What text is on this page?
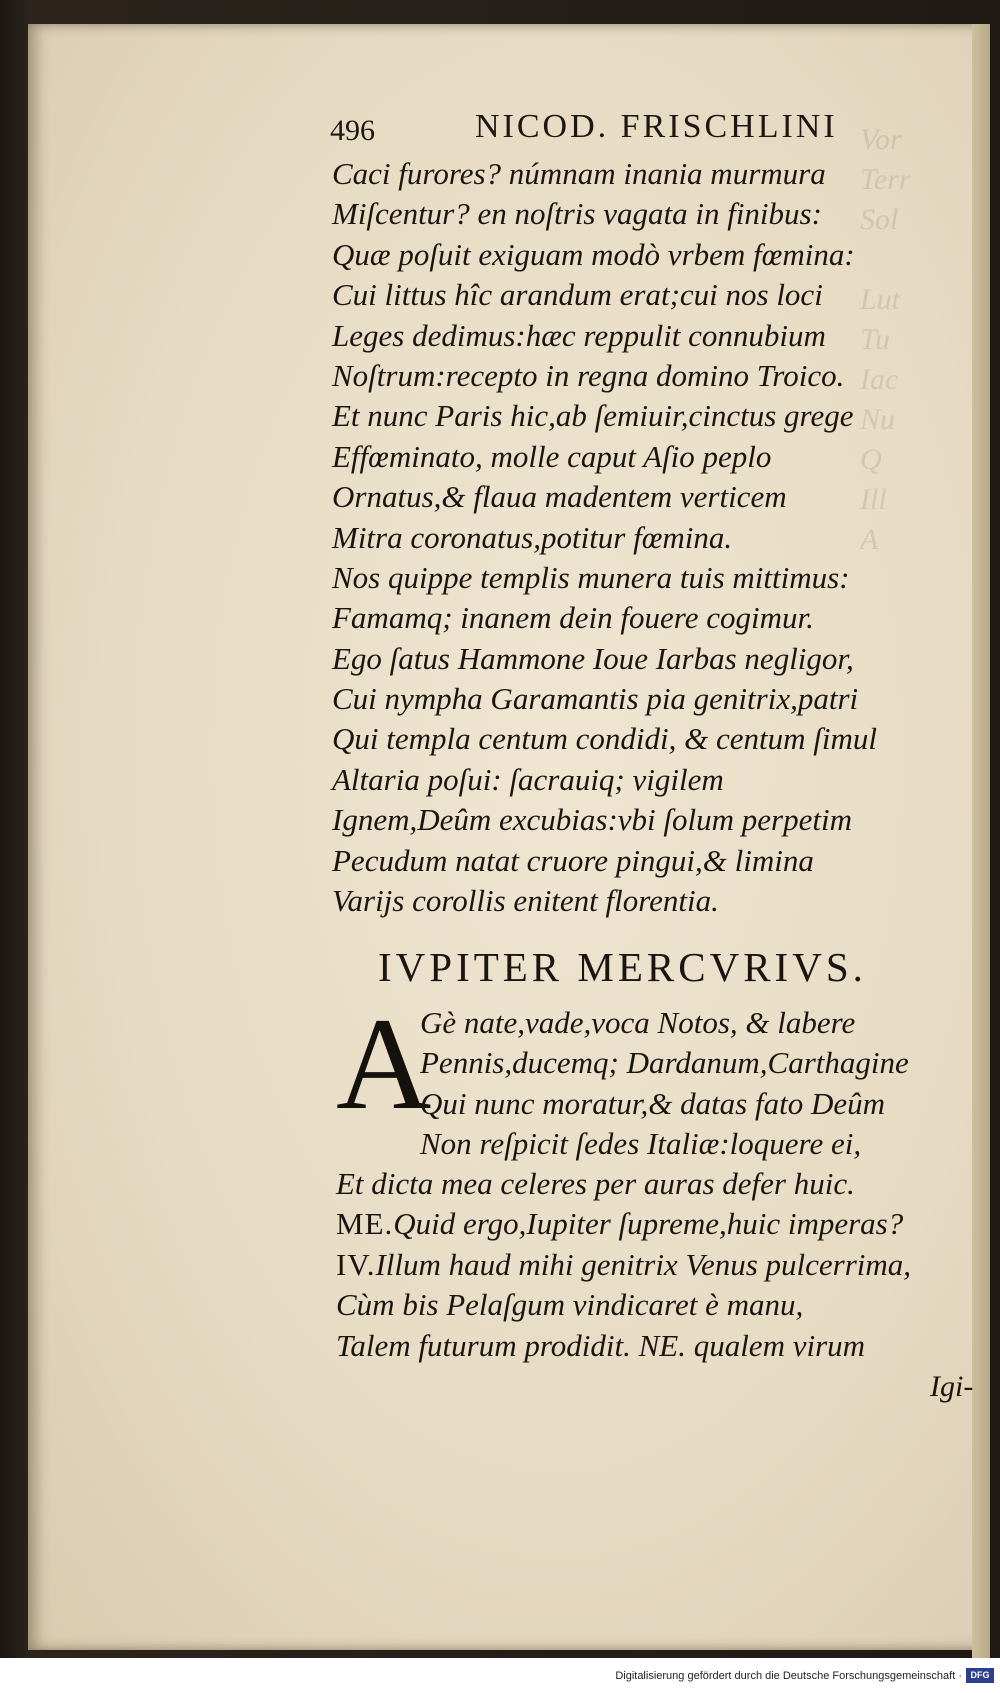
Vor
Terr
Sol

Lut
Tu
Iac
Nu
Q
Ill
A
496	NICOD. FRISCHLINI
Caci furores? númnam inania murmura
Miſcentur? en noſtris vagata in finibus:
Quæ poſuit exiguam modò vrbem fœmina:
Cui littus hîc arandum erat;cui nos loci
Leges dedimus:hæc reppulit connubium
Noſtrum:recepto in regna domino Troico.
Et nunc Paris hic,ab ſemiuir,cinctus grege
Effœminato, molle caput Aſio peplo
Ornatus,& flaua madentem verticem
Mitra coronatus,potitur fœmina.
Nos quippe templis munera tuis mittimus:
Famamq; inanem dein fouere cogimur.
Ego ſatus Hammone Ioue Iarbas negligor,
Cui nympha Garamantis pia genitrix,patri
Qui templa centum condidi, & centum ſimul
Altaria poſui: ſacrauiq; vigilem
Ignem,Deûm excubias:vbi ſolum perpetim
Pecudum natat cruore pingui,& limina
Varijs corollis enitent florentia.
IVPITER MERCVRIVS.
A
Gè nate,vade,voca Notos, & labere
Pennis,ducemq; Dardanum,Carthagine
Qui nunc moratur,& datas fato Deûm
Non reſpicit ſedes Italiæ:loquere ei,
Et dicta mea celeres per auras defer huic.
ME.Quid ergo,Iupiter ſupreme,huic imperas?
IV.Illum haud mihi genitrix Venus pulcerrima,
Cùm bis Pelaſgum vindicaret è manu,
Talem futurum prodidit. NE. qualem virum
Igi-
Digitalisierung gefördert durch die Deutsche Forschungsgemeinschaft · DFG
